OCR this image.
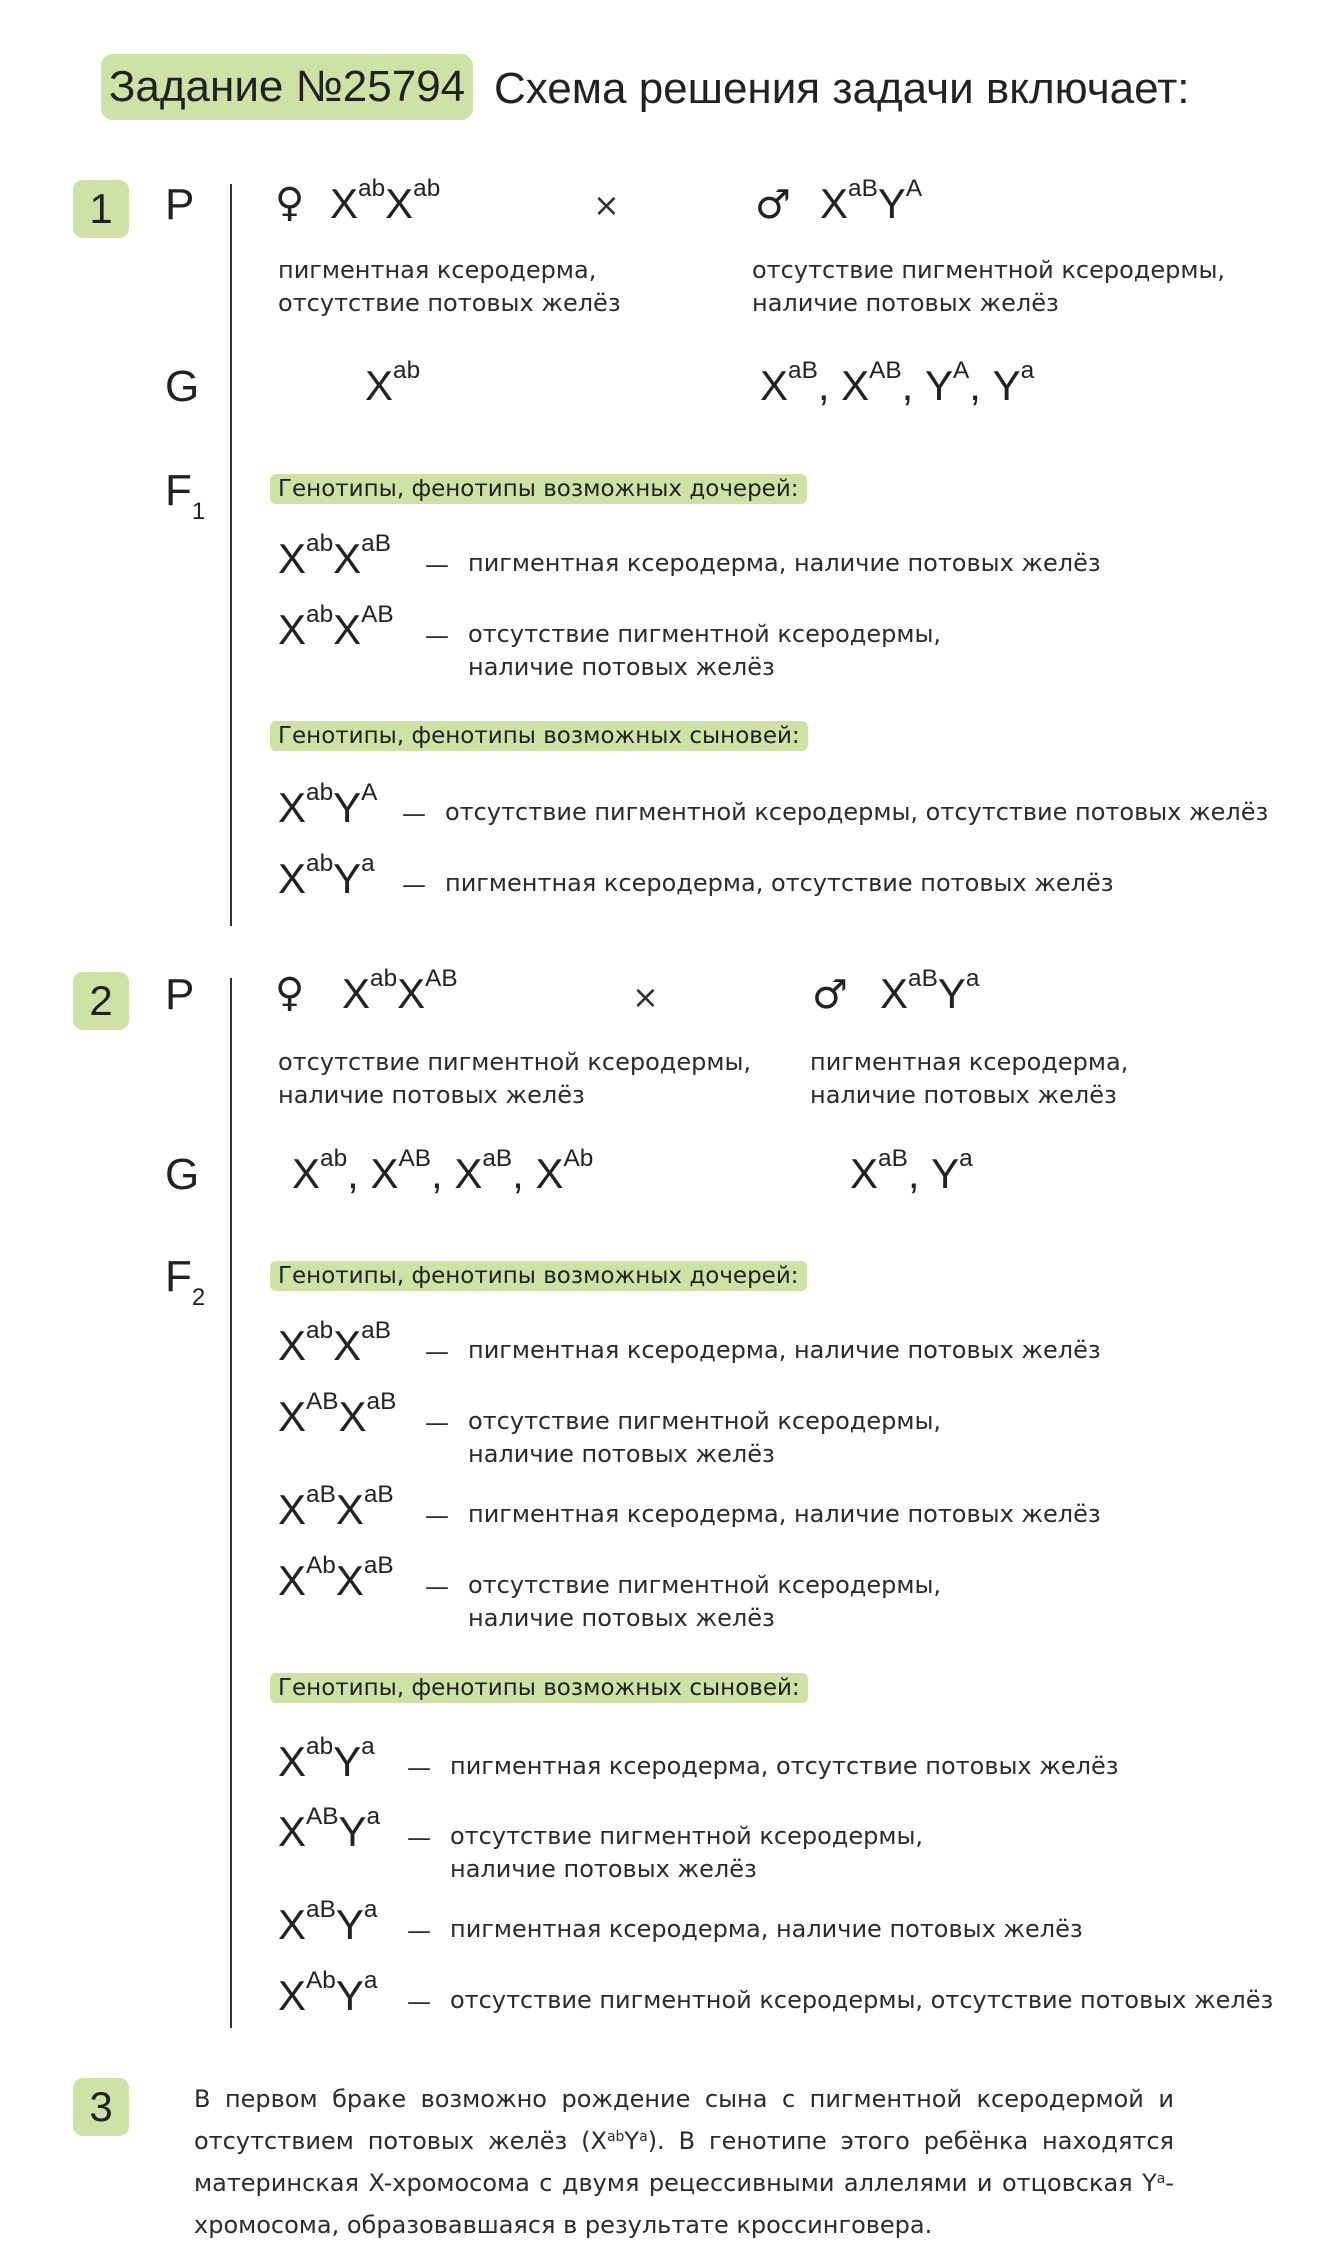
Задание №25794 Схема решения задачи включает:
1
2
3
P ♀ $X^{ab}X^{ab}$	×	♂ $X^{aB}Y^A$
пигментная ксеродерма,
отсутствие потовых желёз
отсутствие пигментной ксеродермы,
наличие потовых желёз
G	$X^{ab}$	$X^{aB}$, $X^{AB}$, $Y^A$, $Y^a$
$F_1$
Генотипы, фенотипы возможных дочерей:
$X^{ab}X^{aB}$
— пигментная ксеродерма, наличие потовых желёз
$X^{ab}X^{AB}$
— отсутствие пигментной ксеродермы,
наличие потовых желёз
Генотипы, фенотипы возможных сыновей:
$X^{ab}Y^A$
— отсутствие пигментной ксеродермы, отсутствие потовых желёз
$X^{ab}Y^a$
— пигментная ксеродерма, отсутствие потовых желёз
P ♀ $X^{ab}X^{AB}$	×	♂ $X^{aB}Y^a$
отсутствие пигментной ксеродермы,
наличие потовых желёз
пигментная ксеродерма,
наличие потовых желёз
G $X^{ab}$, $X^{AB}$, $X^{aB}$, $X^{Ab}$	$X^{aB}$, $Y^a$
$F_2$
Генотипы, фенотипы возможных дочерей:
$X^{ab}X^{aB}$
— пигментная ксеродерма, наличие потовых желёз
$X^{AB}X^{aB}$
— отсутствие пигментной ксеродермы,
наличие потовых желёз
$X^{aB}X^{aB}$
— пигментная ксеродерма, наличие потовых желёз
$X^{Ab}X^{aB}$
— отсутствие пигментной ксеродермы,
наличие потовых желёз
Генотипы, фенотипы возможных сыновей:
$X^{ab}Y^a$
— пигментная ксеродерма, отсутствие потовых желёз
$X^{AB}Y^a$
— отсутствие пигментной ксеродермы,
наличие потовых желёз
$X^{aB}Y^a$
— пигментная ксеродерма, наличие потовых желёз
$X^{Ab}Y^a$
— отсутствие пигментной ксеродермы, отсутствие потовых желёз
В первом браке возможно рождение сына с пигментной ксеродермой и отсутствием потовых желёз $(X^{ab}Y^a)$. В генотипе этого ребёнка находятся материнская X-хромосома с двумя рецессивными аллелями и отцовская $Y^a$-хромосома, образовавшаяся в результате кроссинговера.
